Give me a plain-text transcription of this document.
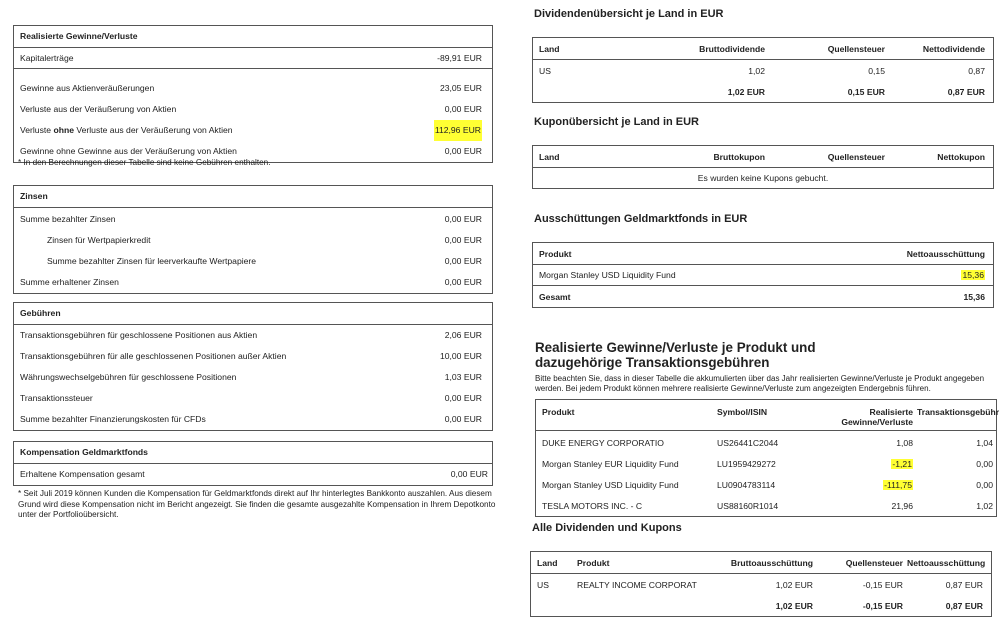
Realisierte Gewinne/Verluste
Kapitalerträge	-89,91 EUR
Gewinne aus Aktienveräußerungen	23,05 EUR
Verluste aus der Veräußerung von Aktien	0,00 EUR
Verluste ohne Verluste aus der Veräußerung von Aktien	112,96 EUR
Gewinne ohne Gewinne aus der Veräußerung von Aktien	0,00 EUR
Zinsen
Summe bezahlter Zinsen	0,00 EUR
Zinsen für Wertpapierkredit	0,00 EUR
Summe bezahlter Zinsen für leerverkaufte Wertpapiere	0,00 EUR
Summe erhaltener Zinsen	0,00 EUR
Gebühren
Transaktionsgebühren für geschlossene Positionen aus Aktien	2,06 EUR
Transaktionsgebühren für alle geschlossenen Positionen außer Aktien	10,00 EUR
Währungswechselgebühren für geschlossene Positionen	1,03 EUR
Transaktionssteuer	0,00 EUR
Summe bezahlter Finanzierungskosten für CFDs	0,00 EUR
Kompensation Geldmarktfonds
Erhaltene Kompensation gesamt	0,00 EUR
* In den Berechnungen dieser Tabelle sind keine Gebühren enthalten.
* Seit Juli 2019 können Kunden die Kompensation für Geldmarktfonds direkt auf Ihr hinterlegtes Bankkonto auszahlen. Aus diesem Grund wird diese Kompensation nicht im Bericht angezeigt. Sie finden die gesamte ausgezahlte Kompensation in Ihrem Depotkonto unter der Portfolioübersicht.
Dividendenübersicht je Land in EUR
Land	Bruttodividende	Quellensteuer	Nettodividende
US	1,02	0,15	0,87
1,02 EUR	0,15 EUR	0,87 EUR
Kuponübersicht je Land in EUR
Land	Bruttokupon	Quellensteuer	Nettokupon
Es wurden keine Kupons gebucht.
Ausschüttungen Geldmarktfonds in EUR
Produkt	Nettoausschüttung
Morgan Stanley USD Liquidity Fund	15,36
Gesamt	15,36
Realisierte Gewinne/Verluste je Produkt und dazugehörige Transaktionsgebühren
Bitte beachten Sie, dass in dieser Tabelle die akkumulierten über das Jahr realisierten Gewinne/Verluste je Produkt angegeben werden. Bei jedem Produkt können mehrere realisierte Gewinne/Verluste zum angezeigten Endergebnis führen.
Produkt	Symbol/ISIN	Realisierte Gewinne/Verluste
Transaktionsgebühr
DUKE ENERGY CORPORATIO	US26441C2044	1,08	1,04
Morgan Stanley EUR Liquidity Fund	LU1959429272	-1,21	0,00
Morgan Stanley USD Liquidity Fund	LU0904783114	-111,75	0,00
TESLA MOTORS INC. - C	US88160R1014	21,96	1,02
Alle Dividenden und Kupons
Land	Produkt	Bruttoausschüttung	Quellensteuer Nettoausschüttung
US	REALTY INCOME CORPORAT	1,02 EUR	-0,15 EUR	0,87 EUR
1,02 EUR	-0,15 EUR	0,87 EUR
